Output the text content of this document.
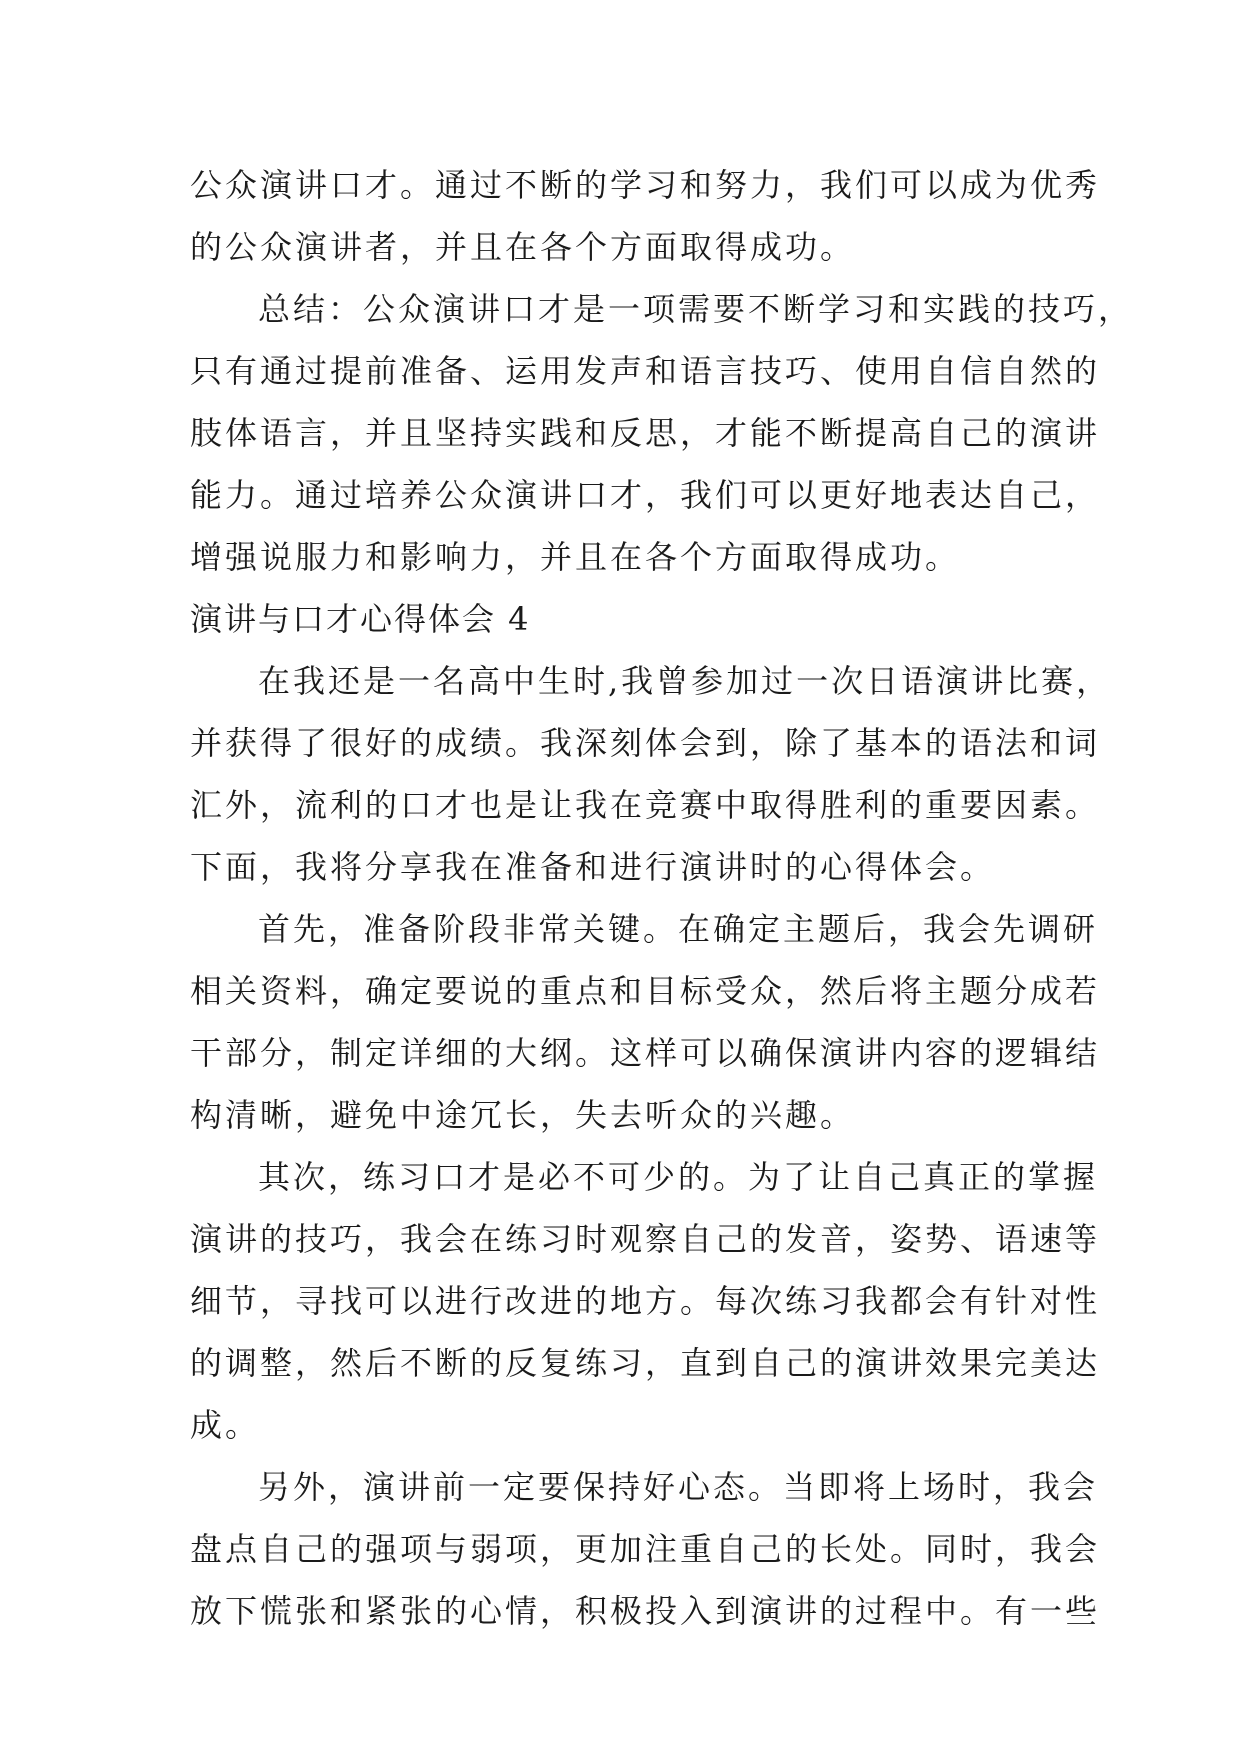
公众演讲口才。通过不断的学习和努力，我们可以成为优秀
的公众演讲者，并且在各个方面取得成功。
总结：公众演讲口才是一项需要不断学习和实践的技巧，
只有通过提前准备、运用发声和语言技巧、使用自信自然的
肢体语言，并且坚持实践和反思，才能不断提高自己的演讲
能力。通过培养公众演讲口才，我们可以更好地表达自己，
增强说服力和影响力，并且在各个方面取得成功。
演讲与口才心得体会 4
在我还是一名高中生时,我曾参加过一次日语演讲比赛，
并获得了很好的成绩。我深刻体会到，除了基本的语法和词
汇外，流利的口才也是让我在竞赛中取得胜利的重要因素。
下面，我将分享我在准备和进行演讲时的心得体会。
首先，准备阶段非常关键。在确定主题后，我会先调研
相关资料，确定要说的重点和目标受众，然后将主题分成若
干部分，制定详细的大纲。这样可以确保演讲内容的逻辑结
构清晰，避免中途冗长，失去听众的兴趣。
其次，练习口才是必不可少的。为了让自己真正的掌握
演讲的技巧，我会在练习时观察自己的发音，姿势、语速等
细节，寻找可以进行改进的地方。每次练习我都会有针对性
的调整，然后不断的反复练习，直到自己的演讲效果完美达
成。
另外，演讲前一定要保持好心态。当即将上场时，我会
盘点自己的强项与弱项，更加注重自己的长处。同时，我会
放下慌张和紧张的心情，积极投入到演讲的过程中。有一些
